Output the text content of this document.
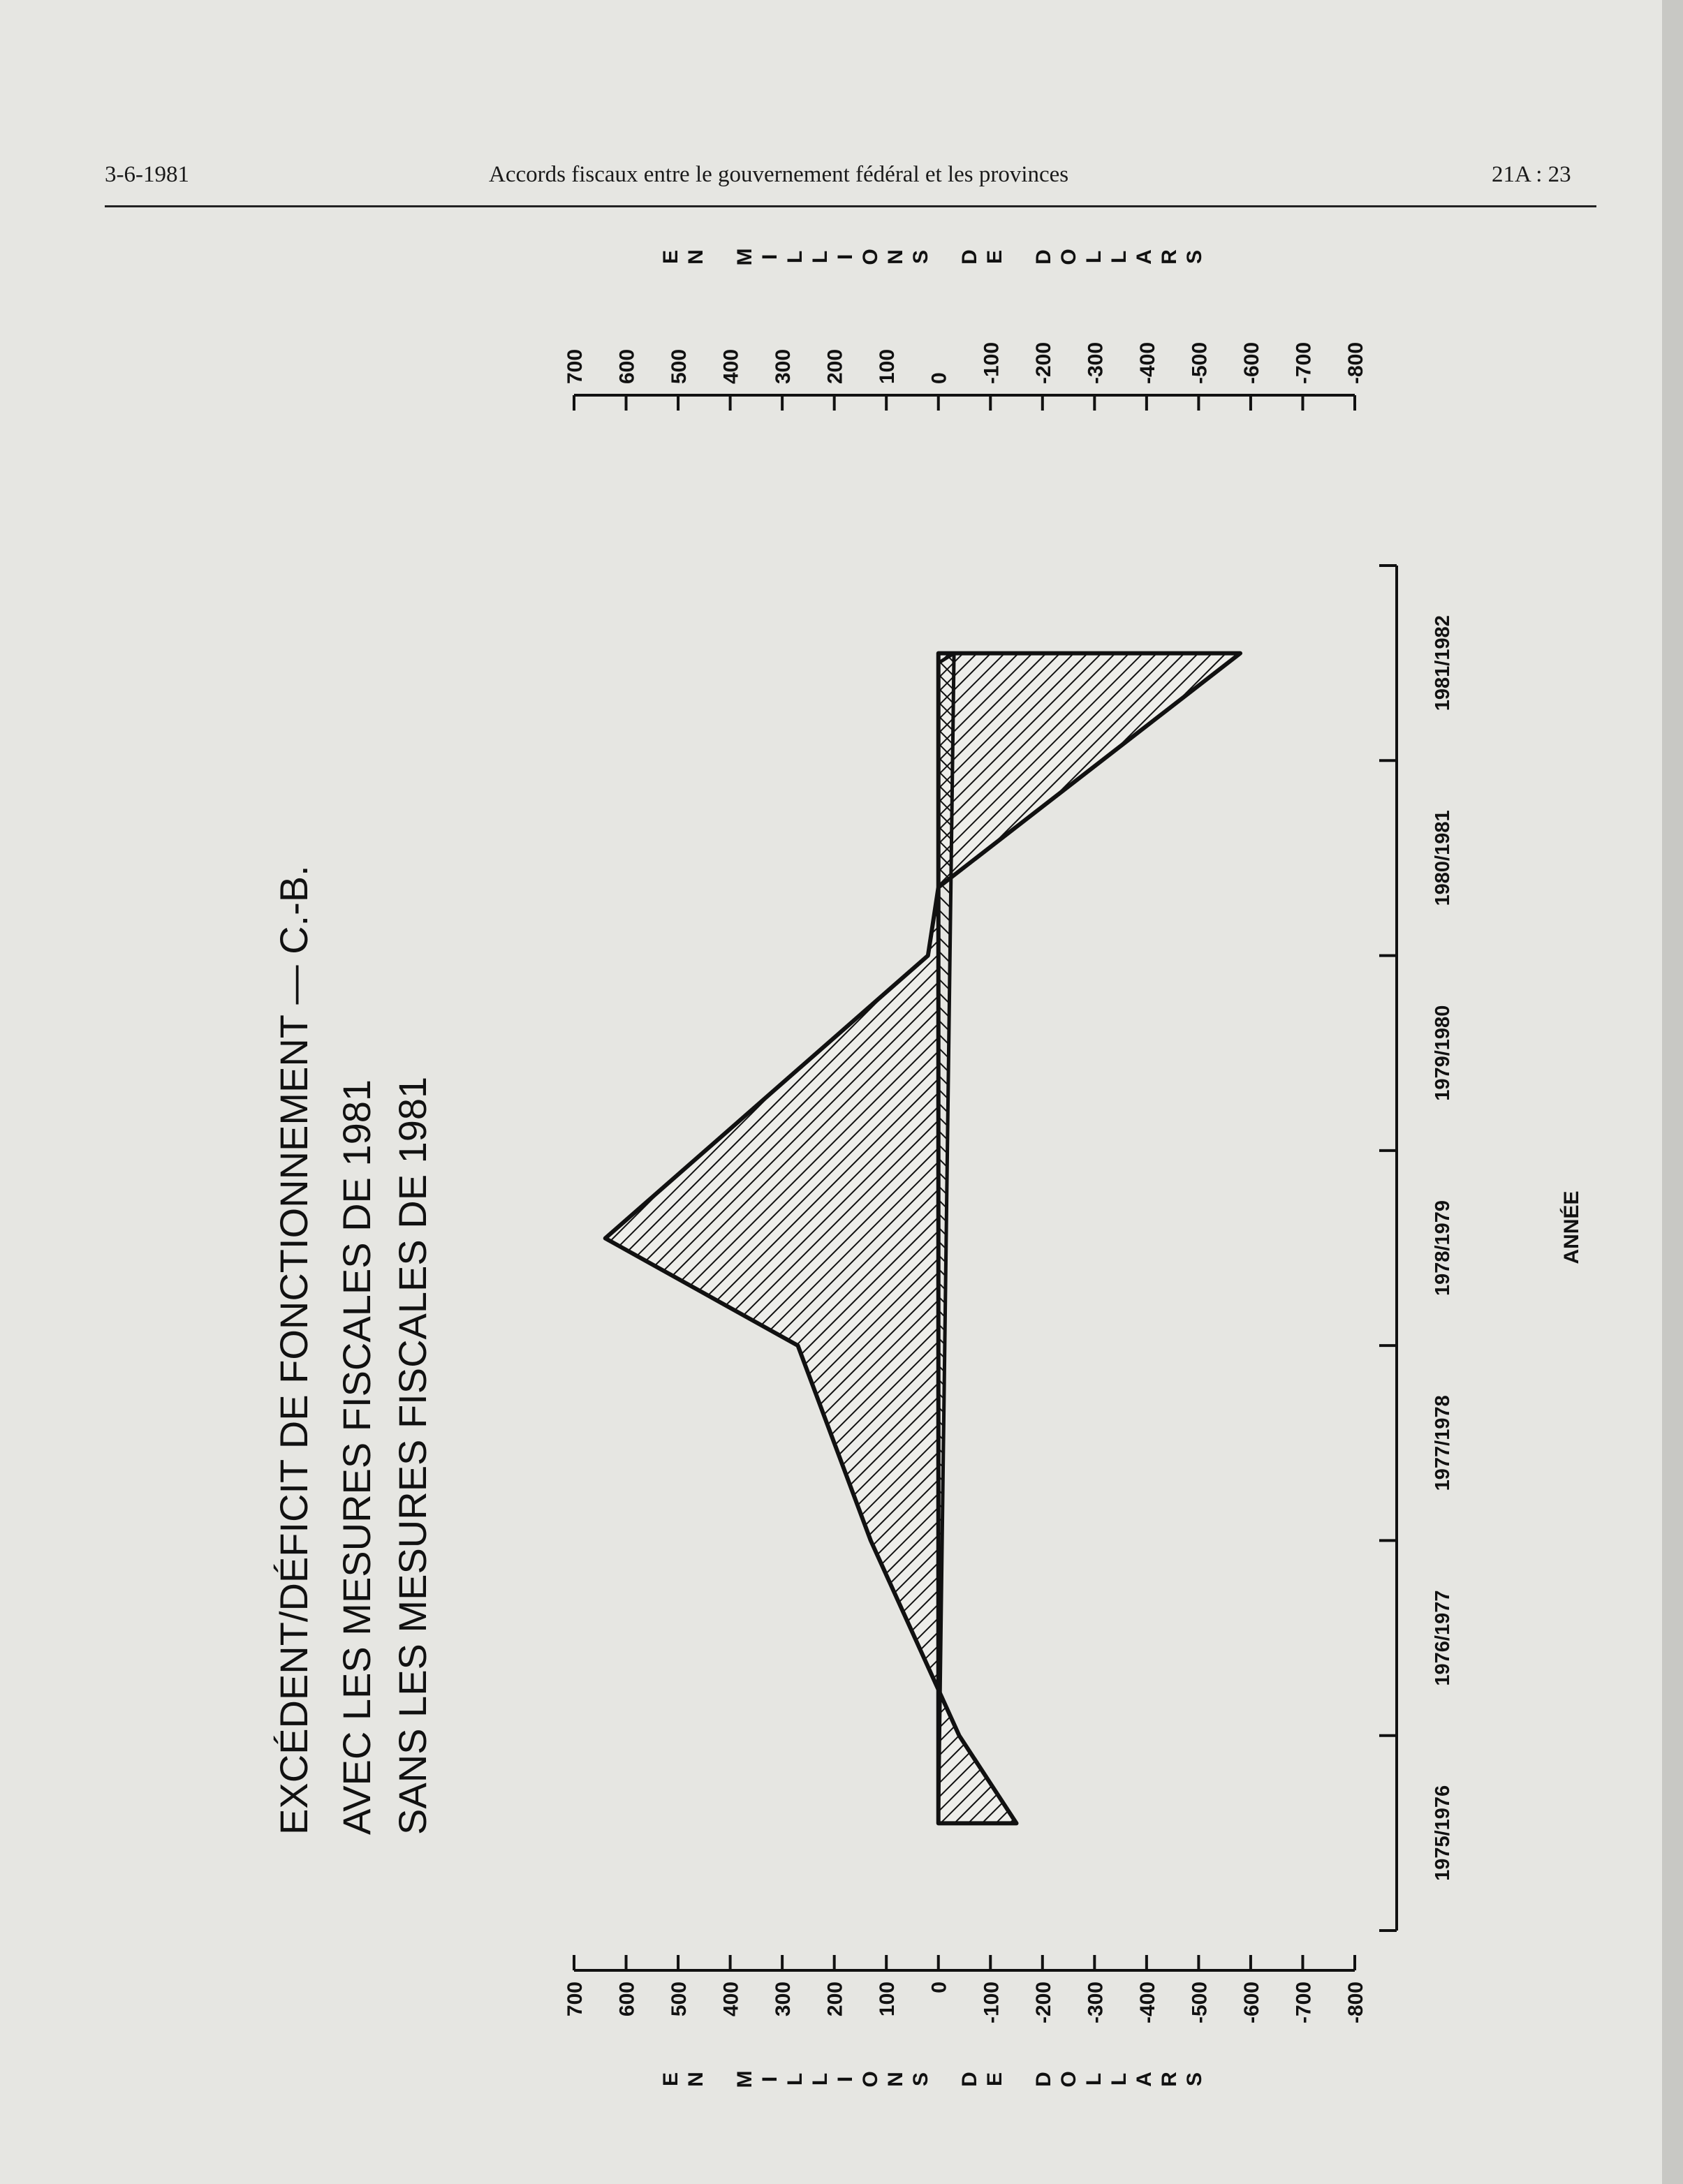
3-6-1981	Accords fiscaux entre le gouvernement fédéral et les provinces	21A : 23
EXCÉDENT/DÉFICIT DE FONCTIONNEMENT — C.-B. AVEC LES MESURES FISCALES DE 1981 SANS LES MESURES FISCALES DE 1981	1975/1976
1976/1977
1977/1978
1978/1979
1979/1980
1980/1981
1981/1982
ANNÉE
700 600 500 400 300 200 100 0 -100 -200 -300 -400 -500 -600 -700 -800
700 600 500 400 300 200 100 0 -100 -200 -300 -400 -500 -600 -700 -800
E N M I L L I O N S D E D O L L A R S
E N M I L L I O N S D E D O L L A R S
